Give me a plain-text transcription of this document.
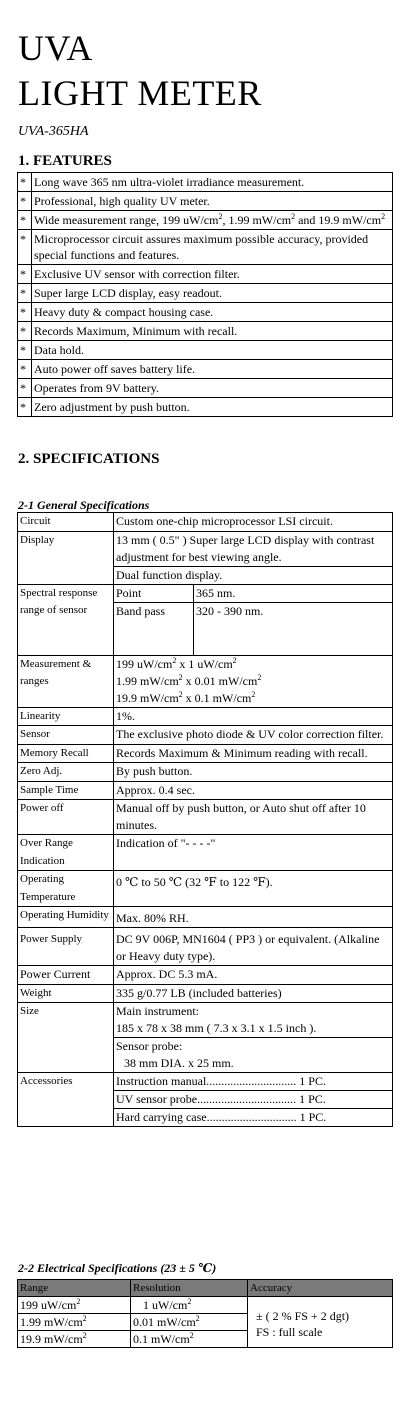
UVA
LIGHT METER
UVA-365HA
1. FEATURES
*	Long wave 365 nm ultra-violet irradiance measurement.
*	Professional, high quality UV meter.
*	Wide measurement range, 199 $uW/cm^2$, 1.99 $mW/cm^2$ and 19.9 $mW/cm^2$
*	Microprocessor circuit assures maximum possible accuracy, provided special functions and features.
*	Exclusive UV sensor with correction filter.
*	Super large LCD display, easy readout.
*	Heavy duty & compact housing case.
*	Records Maximum, Minimum with recall.
*	Data hold.
*	Auto power off saves battery life.
*	Operates from 9V battery.
*	Zero adjustment by push button.
2. SPECIFICATIONS
2-1 General Specifications
Circuit	Custom one-chip microprocessor LSI circuit.	
Display	13 mm ( 0.5" ) Super large LCD display with contrast adjustment for best viewing angle.
Dual function display.	

Spectral response range of sensor	Point	365 nm.
	Band pass	320 - 390 nm.
Measurement & ranges	199 $uW/cm^2$ x 1 $uW/cm^2$
1.99 $mW/cm^2$ x 0.01 $mW/cm^2$
19.9 $mW/cm^2$ x 0.1 $mW/cm^2$

Linearity	1%.	
Sensor	The exclusive photo diode & UV color correction filter.	
Memory Recall	Records Maximum & Minimum reading with recall.	
Zero Adj.	By push button.	
Sample Time	Approx. 0.4 sec.	
Power off	Manual off by push button, or Auto shut off after 10 minutes.	
Over Range Indication	Indication of "- - - -"	
Operating Temperature	0 ℃ to 50 ℃ (32 ℉ to 122 ℉).	
Operating Humidity	Max. 80% RH.	
Power Supply	DC 9V 006P, MN1604 ( PP3 ) or equivalent. (Alkaline or Heavy duty type).	
Power Current	Approx. DC 5.3 mA.	
Weight	335 g/0.77 LB (included batteries)	
Size	Main instrument:
185 x 78 x 38 mm ( 7.3 x 3.1 x 1.5 inch ).
Sensor probe:
38 mm DIA. x 25 mm.	

Accessories	Instruction manual.............................. 1 PC.
UV sensor probe................................. 1 PC.
Hard carrying case.............................. 1 PC.	
2-2 Electrical Specifications (23 ± 5 ℃)
Range	Resolution	Accuracy
199 $uW/cm^2$	1 $uW/cm^2$	± ( 2 % FS + 2 dgt)
FS : full scale

1.99 $mW/cm^2$	0.01 $mW/cm^2$
19.9 $mW/cm^2$	0.1 $mW/cm^2$
